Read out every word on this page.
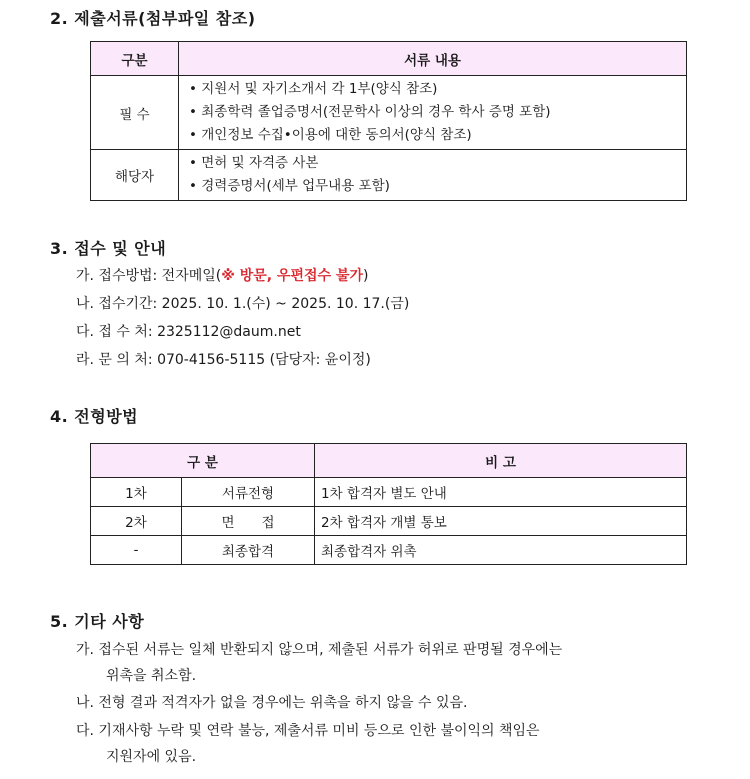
2. 제출서류(첨부파일 참조)
구분	서류 내용
필 수	• 지원서 및 자기소개서 각 1부(양식 참조)
• 최종학력 졸업증명서(전문학사 이상의 경우 학사 증명 포함)
• 개인정보 수집•이용에 대한 동의서(양식 참조)

해당자	• 면허 및 자격증 사본
• 경력증명서(세부 업무내용 포함)
3. 접수 및 안내
가. 접수방법: 전자메일(※ 방문, 우편접수 불가)
나. 접수기간: 2025. 10. 1.(수) ~ 2025. 10. 17.(금)
다. 접 수 처: 2325112@daum.net
라. 문 의 처: 070-4156-5115 (담당자: 윤이정)
4. 전형방법
구 분		비 고
1차	서류전형	1차 합격자 별도 안내
2차	면　　접	2차 합격자 개별 통보
-	최종합격	최종합격자 위촉
5. 기타 사항
가. 접수된 서류는 일체 반환되지 않으며, 제출된 서류가 허위로 판명될 경우에는
위촉을 취소함.
나. 전형 결과 적격자가 없을 경우에는 위촉을 하지 않을 수 있음.
다. 기재사항 누락 및 연락 불능, 제출서류 미비 등으로 인한 불이익의 책임은
지원자에 있음.
